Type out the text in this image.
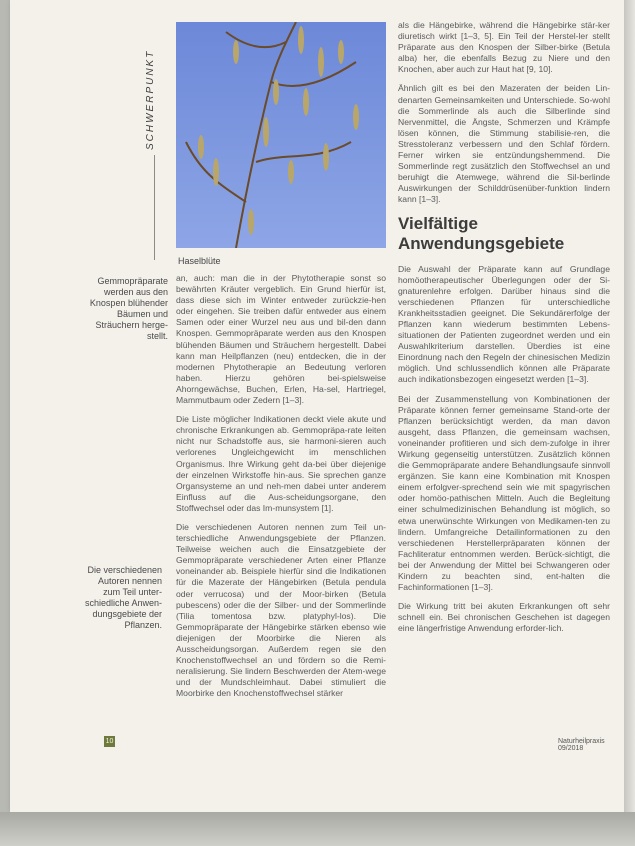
SCHWERPUNKT
Haselblüte
Gemmopräparate werden aus den Knospen blühender Bäumen und Sträuchern herge-stellt.
Die verschiedenen Autoren nennen zum Teil unter-schiedliche Anwen-dungsgebiete der Pflanzen.

an, auch: man die in der Phytotherapie sonst so bewährten Kräuter vergeblich. Ein Grund hierfür ist, dass diese sich im Winter entweder zurückzie-hen oder eingehen. Sie treiben dafür entweder aus einem Samen oder einer Wurzel neu aus und bil-den dann Knospen. Gemmopräparate werden aus den Knospen blühenden Bäumen und Sträuchern hergestellt. Dabei kann man Heilpflanzen (neu) entdecken, die in der modernen Phytotherapie an Bedeutung verloren haben. Hierzu gehören bei-spielsweise Ahorngewächse, Buchen, Erlen, Ha-sel, Hartriegel, Mammutbaum oder Zedern [1–3].

Die Liste möglicher Indikationen deckt viele akute und chronische Erkrankungen ab. Gemmopräpa-rate leiten nicht nur Schadstoffe aus, sie harmoni-sieren auch verlorenes Ungleichgewicht im menschlichen Organismus. Ihre Wirkung geht da-bei über diejenige der einzelnen Wirkstoffe hin-aus. Sie sprechen ganze Organsysteme an und neh-men dabei unter anderem Einfluss auf die Aus-scheidungsorgane, den Stoffwechsel oder das Im-munsystem [1].

Die verschiedenen Autoren nennen zum Teil un-terschiedliche Anwendungsgebiete der Pflanzen. Teilweise weichen auch die Einsatzgebiete der Gemmopräparate verschiedener Arten einer Pflanze voneinander ab. Beispiele hierfür sind die Indikationen für die Mazerate der Hängebirken (Betula pendula oder verrucosa) und der Moor-birken (Betula pubescens) oder die der Silber- und der Sommerlinde (Tilia tomentosa bzw. platyphyl-los). Die Gemmopräparate der Hängebirke stärken ebenso wie diejenigen der Moorbirke die Nieren als Ausscheidungsorgan. Außerdem regen sie den Knochenstoffwechsel an und fördern so die Remi-neralisierung. Sie lindern Beschwerden der Atem-wege und der Mundschleimhaut. Dabei stimuliert die Moorbirke den Knochenstoffwechsel stärker

als die Hängebirke, während die Hängebirke stär-ker diuretisch wirkt [1–3, 5]. Ein Teil der Herstel-ler stellt Präparate aus den Knospen der Silber-birke (Betula alba) her, die ebenfalls Bezug zu Niere und den Knochen, aber auch zur Haut hat [9, 10].

Ähnlich gilt es bei den Mazeraten der beiden Lin-denarten Gemeinsamkeiten und Unterschiede. So-wohl die Sommerlinde als auch die Silberlinde sind Nervenmittel, die Ängste, Schmerzen und Krämpfe lösen können, die Stimmung stabilisie-ren, die Stresstoleranz verbessern und den Schlaf fördern. Ferner wirken sie entzündungshemmend. Die Sommerlinde regt zusätzlich den Stoffwechsel an und beruhigt die Atemwege, während die Sil-berlinde Auswirkungen der Schilddrüsenüber-funktion lindern kann [1–3].

Vielfältige Anwendungsgebiete

Die Auswahl der Präparate kann auf Grundlage homöotherapeutischer Überlegungen oder der Si-gnaturenlehre erfolgen. Darüber hinaus sind die verschiedenen Pflanzen für unterschiedliche Krankheitsstadien geeignet. Die Sekundärerfolge der Pflanzen kann wiederum bestimmten Lebens-situationen der Patienten zugeordnet werden und ein Auswahlkriterium darstellen. Überdies ist eine Einordnung nach den Regeln der chinesischen Medizin möglich. Und schlussendlich können alle Präparate auch indikationsbezogen eingesetzt werden [1–3].

Bei der Zusammenstellung von Kombinationen der Präparate können ferner gemeinsame Stand-orte der Pflanzen berücksichtigt werden, da man davon ausgeht, dass Pflanzen, die gemeinsam wachsen, voneinander profitieren und sich dem-zufolge in ihrer Wirkung gegenseitig unterstützen. Zusätzlich können die Gemmopräparate andere Behandlungsaufe sinnvoll ergänzen. Sie kann eine Kombination mit Knospen einem erfolgver-sprechend sein wie mit spagyrischen oder homöo-pathischen Mitteln. Auch die Begleitung einer schulmedizinischen Behandlung ist möglich, so etwa unerwünschte Wirkungen von Medikamen-ten zu lindern. Umfangreiche Detailinformationen zu den verschiedenen Herstellerpräparaten können der Fachliteratur entnommen werden. Berück-sichtigt, die bei der Anwendung der Mittel bei Schwangeren oder Kindern zu beachten sind, ent-halten die Fachinformationen [1–3].

Die Wirkung tritt bei akuten Erkrankungen oft sehr schnell ein. Bei chronischen Geschehen ist dagegen eine längerfristige Anwendung erforder-lich.

10	Naturheilpraxis 09/2018
